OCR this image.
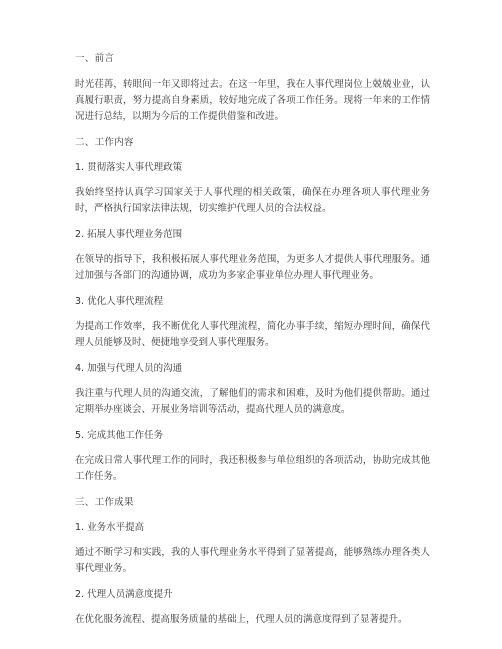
一、前言
时光荏苒，转眼间一年又即将过去。在这一年里，我在人事代理岗位上兢兢业业，认真履行职责，努力提高自身素质，较好地完成了各项工作任务。现将一年来的工作情况进行总结，以期为今后的工作提供借鉴和改进。
二、工作内容
1. 贯彻落实人事代理政策
我始终坚持认真学习国家关于人事代理的相关政策，确保在办理各项人事代理业务时，严格执行国家法律法规，切实维护代理人员的合法权益。
2. 拓展人事代理业务范围
在领导的指导下，我积极拓展人事代理业务范围，为更多人才提供人事代理服务。通过加强与各部门的沟通协调，成功为多家企事业单位办理人事代理业务。
3. 优化人事代理流程
为提高工作效率，我不断优化人事代理流程，简化办事手续，缩短办理时间，确保代理人员能够及时、便捷地享受到人事代理服务。
4. 加强与代理人员的沟通
我注重与代理人员的沟通交流，了解他们的需求和困难，及时为他们提供帮助。通过定期举办座谈会、开展业务培训等活动，提高代理人员的满意度。
5. 完成其他工作任务
在完成日常人事代理工作的同时，我还积极参与单位组织的各项活动，协助完成其他工作任务。
三、工作成果
1. 业务水平提高
通过不断学习和实践，我的人事代理业务水平得到了显著提高，能够熟练办理各类人事代理业务。
2. 代理人员满意度提升
在优化服务流程、提高服务质量的基础上，代理人员的满意度得到了显著提升。
